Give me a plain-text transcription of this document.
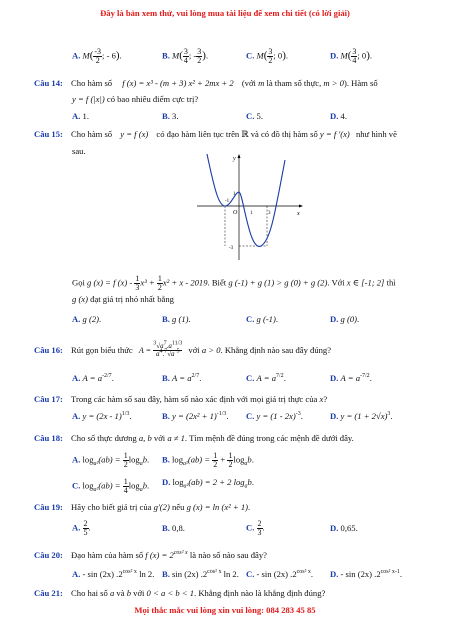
Đây là bản xem thử, vui lòng mua tài liệu để xem chi tiết (có lời giải)
A. $M( \frac{-3}{2}$ ; - 6).	B. $M( \frac{3}{4}$ ; - $\frac{3}{2}$ ).	C. $M( \frac{3}{2}$ ; 0).	D. $M( \frac{3}{4}$ ; 0).
Câu 14: Cho hàm số f (x) = x³ - (m + 3) x² + 2mx + 2 (với m là tham số thực, m > 0). Hàm số
y = f (|x|) có bao nhiêu điểm cực trị?
A. 1.	B. 3.	C. 5.	D. 4.
Câu 15: Cho hàm số y = f (x) có đạo hàm liên tục trên ℝ và có đồ thị hàm số y = f ′(x) như hình vẽ
sau.
y
x
O
-1
1	3
1
-3
Gọi g (x) = f $(x) - \frac{1}{3} x^3 + \frac{1}{2} x^2 + x - 2019$. Biết g (-1) + g (1) > g (0) + g (2). Với x ∈ [-1; 2] thì
g (x) đạt giá trị nhỏ nhất bằng
A. g (2).	B. g (1).	C. g (-1).	D. g (0).
Câu 16: Rút gọn biểu thức $A = \frac{^3√a^7.a^{11/3}}{a^4.^7√a^{-5}}$ với a > 0. Khẳng định nào sau đây đúng?
A. $A = a^{-2/7}$.	B. $A = a^{2/7}$.	C. $A = a^{7/2}$.	D. $A = a^{-7/2}$.
Câu 17: Trong các hàm số sau đây, hàm số nào xác định với mọi giá trị thực của x?
A. y = (2x - 1)$^{1/3}$.	B. $y = (2x^2 + 1)^{-1/3}$. C. y = (1 - 2x)$^{-3}$.	D. $y = (1 + 2√x)^3$.
Câu 18: Cho số thực dương a, b với a ≠ 1. Tìm mệnh đề đúng trong các mệnh đề dưới đây.
A. $\log_{a^2}(ab) = \frac{1}{2} \log_ab$. B. $\log_{a^2}(ab) = \frac{1}{2} + \frac{1}{2} \log_ab$.
C. $\log_{a^2}(ab) = \frac{1}{4} \log_ab$. D. $\log_{a^2}(ab) = 2 + 2$ $\log_ab$.
Câu 19: Hãy cho biết giá trị của g′(2) nếu g (x) = ln (x² + 1).
A. $\frac{2}{5}$ .	B. 0,8.	C. $\frac{2}{3}$ .	D. 0,65.
Câu 20: Đạo hàm của hàm số f $(x) = 2^{cos^2 x}$ là nào số nào sau đây?
A. - sin (2x) $.2^{cos^2 x}$ ln 2. B. sin (2x) $.2^{cos^2 x}$ ln 2. C. - sin (2x) $.2^{cos^2 x}$. D. - sin (2x) $.2^{cos^2 x-1}$.
Câu 21: Cho hai số a và b với 0 < a < b < 1. Khẳng định nào là khẳng định đúng?
Mọi thắc mắc vui lòng xin vui lòng: 084 283 45 85
